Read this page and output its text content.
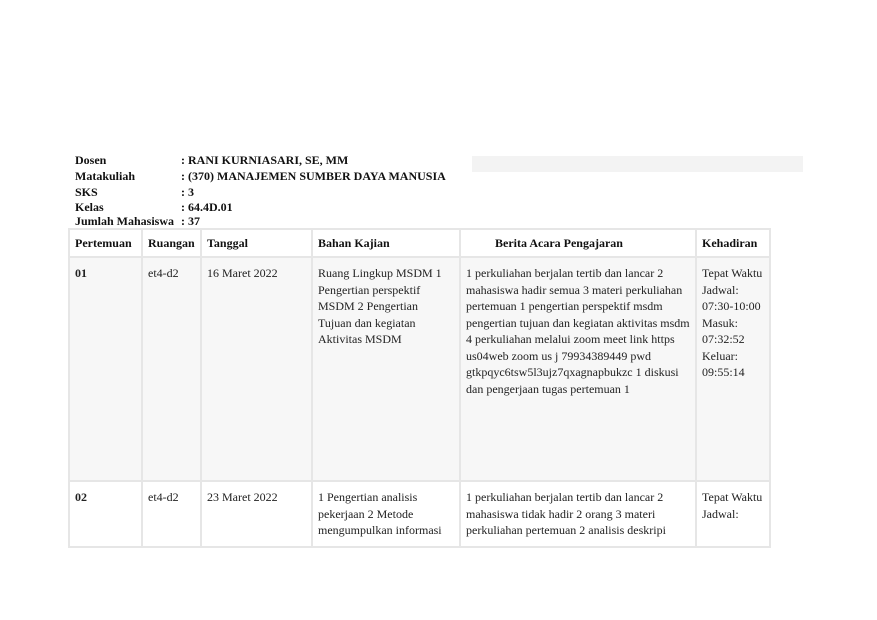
Dosen	: RANI KURNIASARI, SE, MM
Matakuliah	: (370) MANAJEMEN SUMBER DAYA MANUSIA
SKS	: 3
Kelas	: 64.4D.01
Jumlah Mahasiswa : 37
Pertemuan	Ruangan	Tanggal	Bahan Kajian	Berita Acara Pengajaran	Kehadiran
01	et4-d2	16 Maret 2022	Ruang Lingkup MSDM 1 Pengertian perspektif MSDM 2 Pengertian Tujuan dan kegiatan Aktivitas MSDM	1 perkuliahan berjalan tertib dan lancar 2 mahasiswa hadir semua 3 materi perkuliahan pertemuan 1 pengertian perspektif msdm pengertian tujuan dan kegiatan aktivitas msdm 4 perkuliahan melalui zoom meet link https us04web zoom us j 79934389449 pwd gtkpqyc6tsw5l3ujz7qxagnapbukzc 1 diskusi dan pengerjaan tugas pertemuan 1	Tepat Waktu Jadwal: 07:30-10:00 Masuk: 07:32:52 Keluar: 09:55:14
02	et4-d2	23 Maret 2022	1 Pengertian analisis pekerjaan 2 Metode mengumpulkan informasi	1 perkuliahan berjalan tertib dan lancar 2 mahasiswa tidak hadir 2 orang 3 materi perkuliahan pertemuan 2 analisis deskripi	Tepat Waktu Jadwal:
